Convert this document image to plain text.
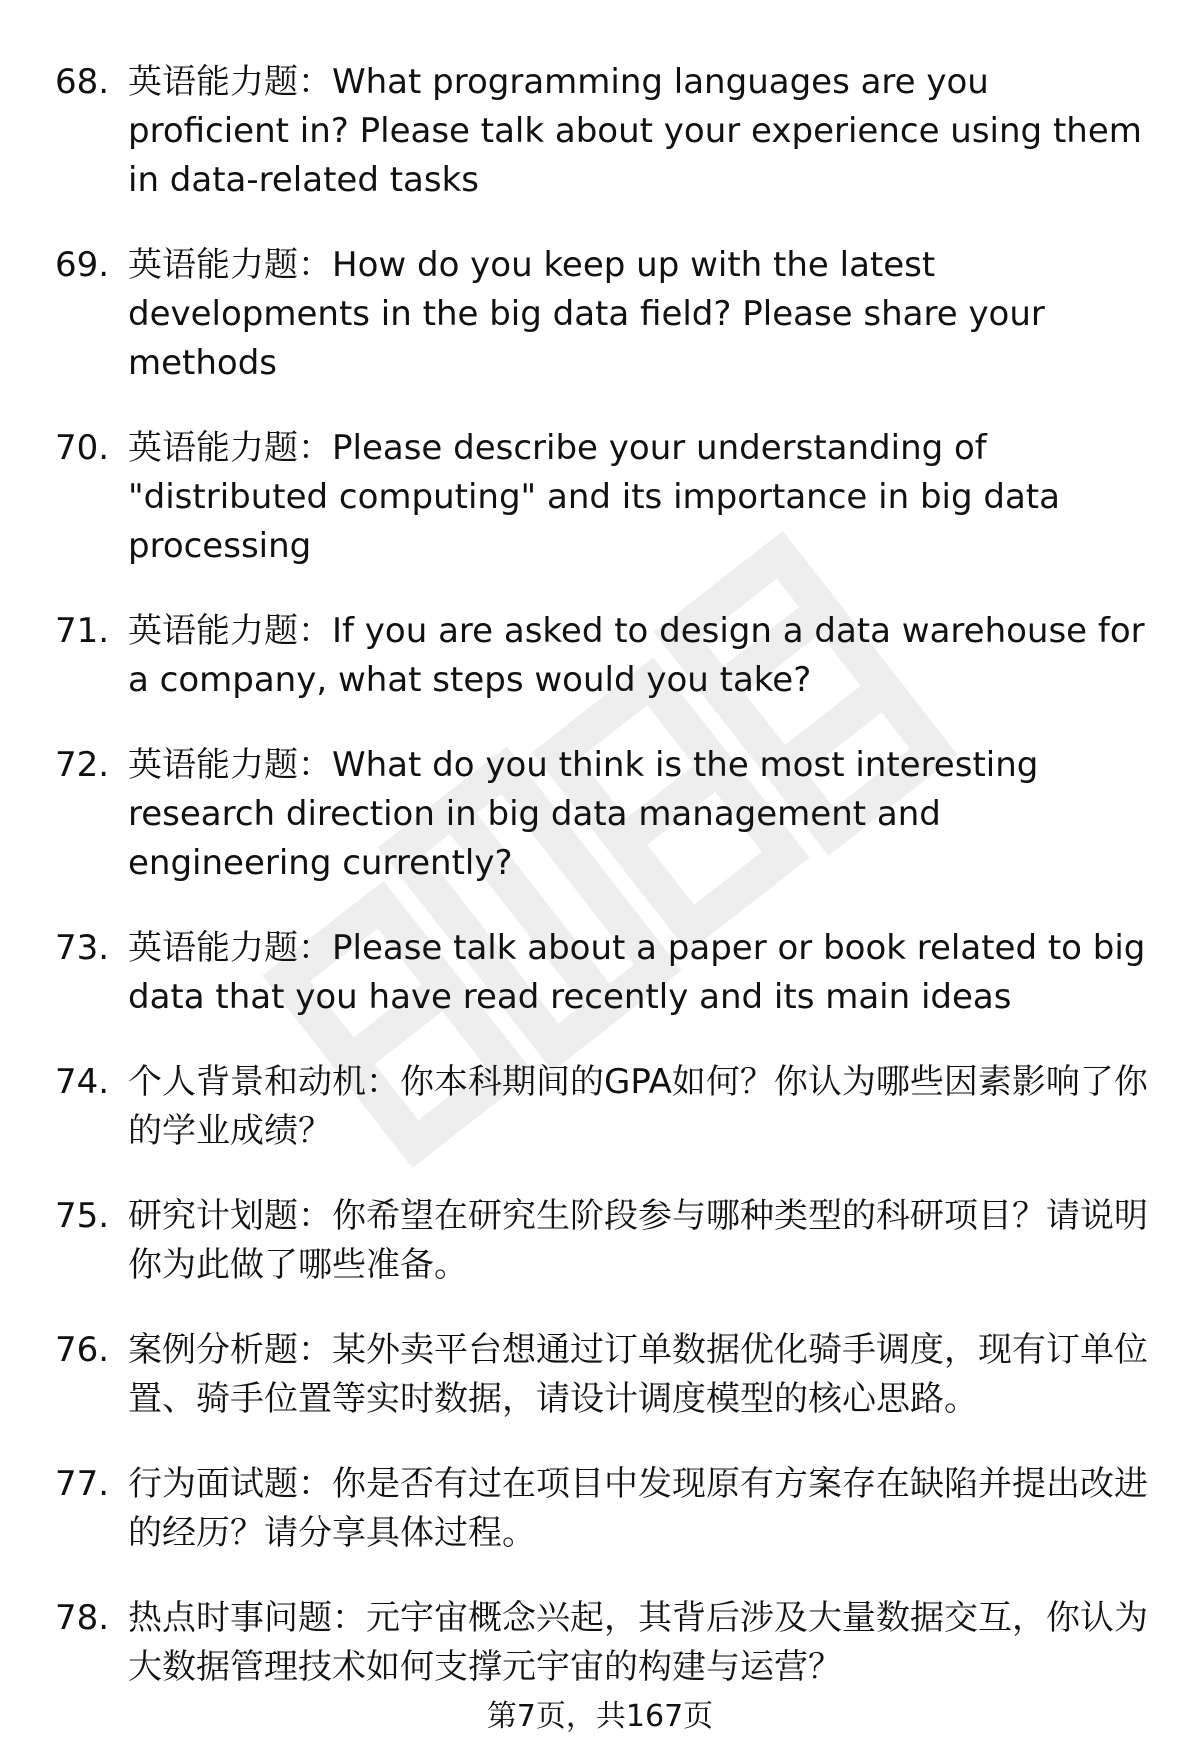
68. 英语能力题：What programming languages are you proficient in? Please talk about your experience using them in data-related tasks
69. 英语能力题：How do you keep up with the latest developments in the big data field? Please share your methods
70. 英语能力题：Please describe your understanding of "distributed computing" and its importance in big data processing
71. 英语能力题：If you are asked to design a data warehouse for a company, what steps would you take?
72. 英语能力题：What do you think is the most interesting research direction in big data management and engineering currently?
73. 英语能力题：Please talk about a paper or book related to big data that you have read recently and its main ideas
74. 个人背景和动机：你本科期间的GPA如何？你认为哪些因素影响了你的学业成绩？
75. 研究计划题：你希望在研究生阶段参与哪种类型的科研项目？请说明你为此做了哪些准备。
76. 案例分析题：某外卖平台想通过订单数据优化骑手调度，现有订单位置、骑手位置等实时数据，请设计调度模型的核心思路。
77. 行为面试题：你是否有过在项目中发现原有方案存在缺陷并提出改进的经历？请分享具体过程。
78. 热点时事问题：元宇宙概念兴起，其背后涉及大量数据交互，你认为大数据管理技术如何支撑元宇宙的构建与运营？
第7页，共167页
